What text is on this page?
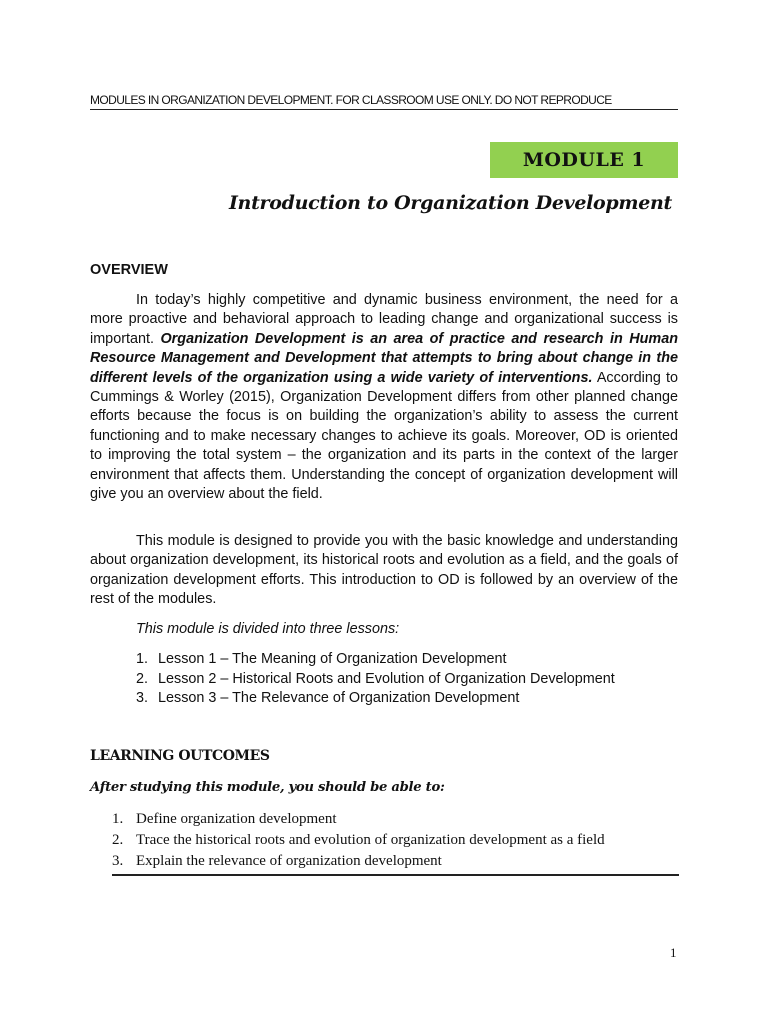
MODULES IN ORGANIZATION DEVELOPMENT. FOR CLASSROOM USE ONLY. DO NOT REPRODUCE
MODULE 1
Introduction to Organization Development
OVERVIEW

In today’s highly competitive and dynamic business environment, the need for a more proactive and behavioral approach to leading change and organizational success is important. Organization Development is an area of practice and research in Human Resource Management and Development that attempts to bring about change in the different levels of the organization using a wide variety of interventions. According to Cummings & Worley (2015), Organization Development differs from other planned change efforts because the focus is on building the organization’s ability to assess the current functioning and to make necessary changes to achieve its goals. Moreover, OD is oriented to improving the total system – the organization and its parts in the context of the larger environment that affects them. Understanding the concept of organization development will give you an overview about the field.

This module is designed to provide you with the basic knowledge and understanding about organization development, its historical roots and evolution as a field, and the goals of organization development efforts. This introduction to OD is followed by an overview of the rest of the modules.

This module is divided into three lessons:
1. Lesson 1 – The Meaning of Organization Development
2. Lesson 2 – Historical Roots and Evolution of Organization Development
3. Lesson 3 – The Relevance of Organization Development
LEARNING OUTCOMES
After studying this module, you should be able to:
1. Define organization development
2. Trace the historical roots and evolution of organization development as a field
3. Explain the relevance of organization development
1
